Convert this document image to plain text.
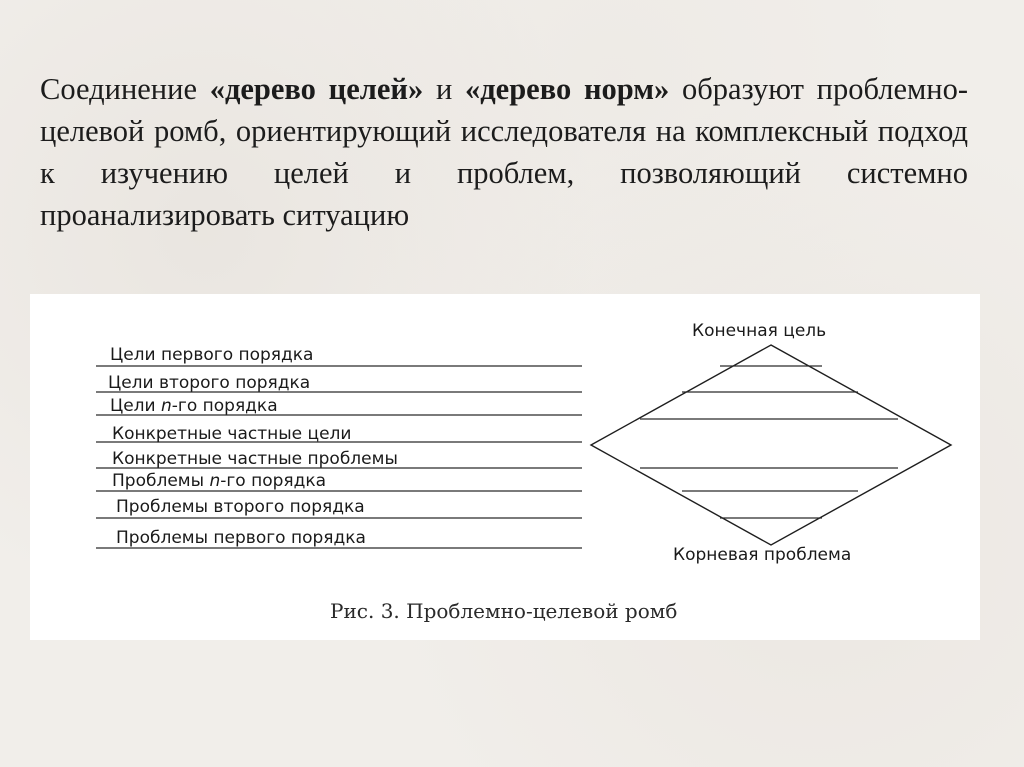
Соединение «дерево целей» и «дерево норм» образуют проблемно-целевой ромб, ориентирующий исследователя на комплексный подход к изучению целей и проблем, позволяющий системно проанализировать ситуацию

Цели первого порядка
Цели второго порядка
Цели n-го порядка
Конкретные частные цели
Конкретные частные проблемы
Проблемы n-го порядка
Проблемы второго порядка
Проблемы первого порядка
Конечная цель
Корневая проблема
Рис. 3. Проблемно-целевой ромб
